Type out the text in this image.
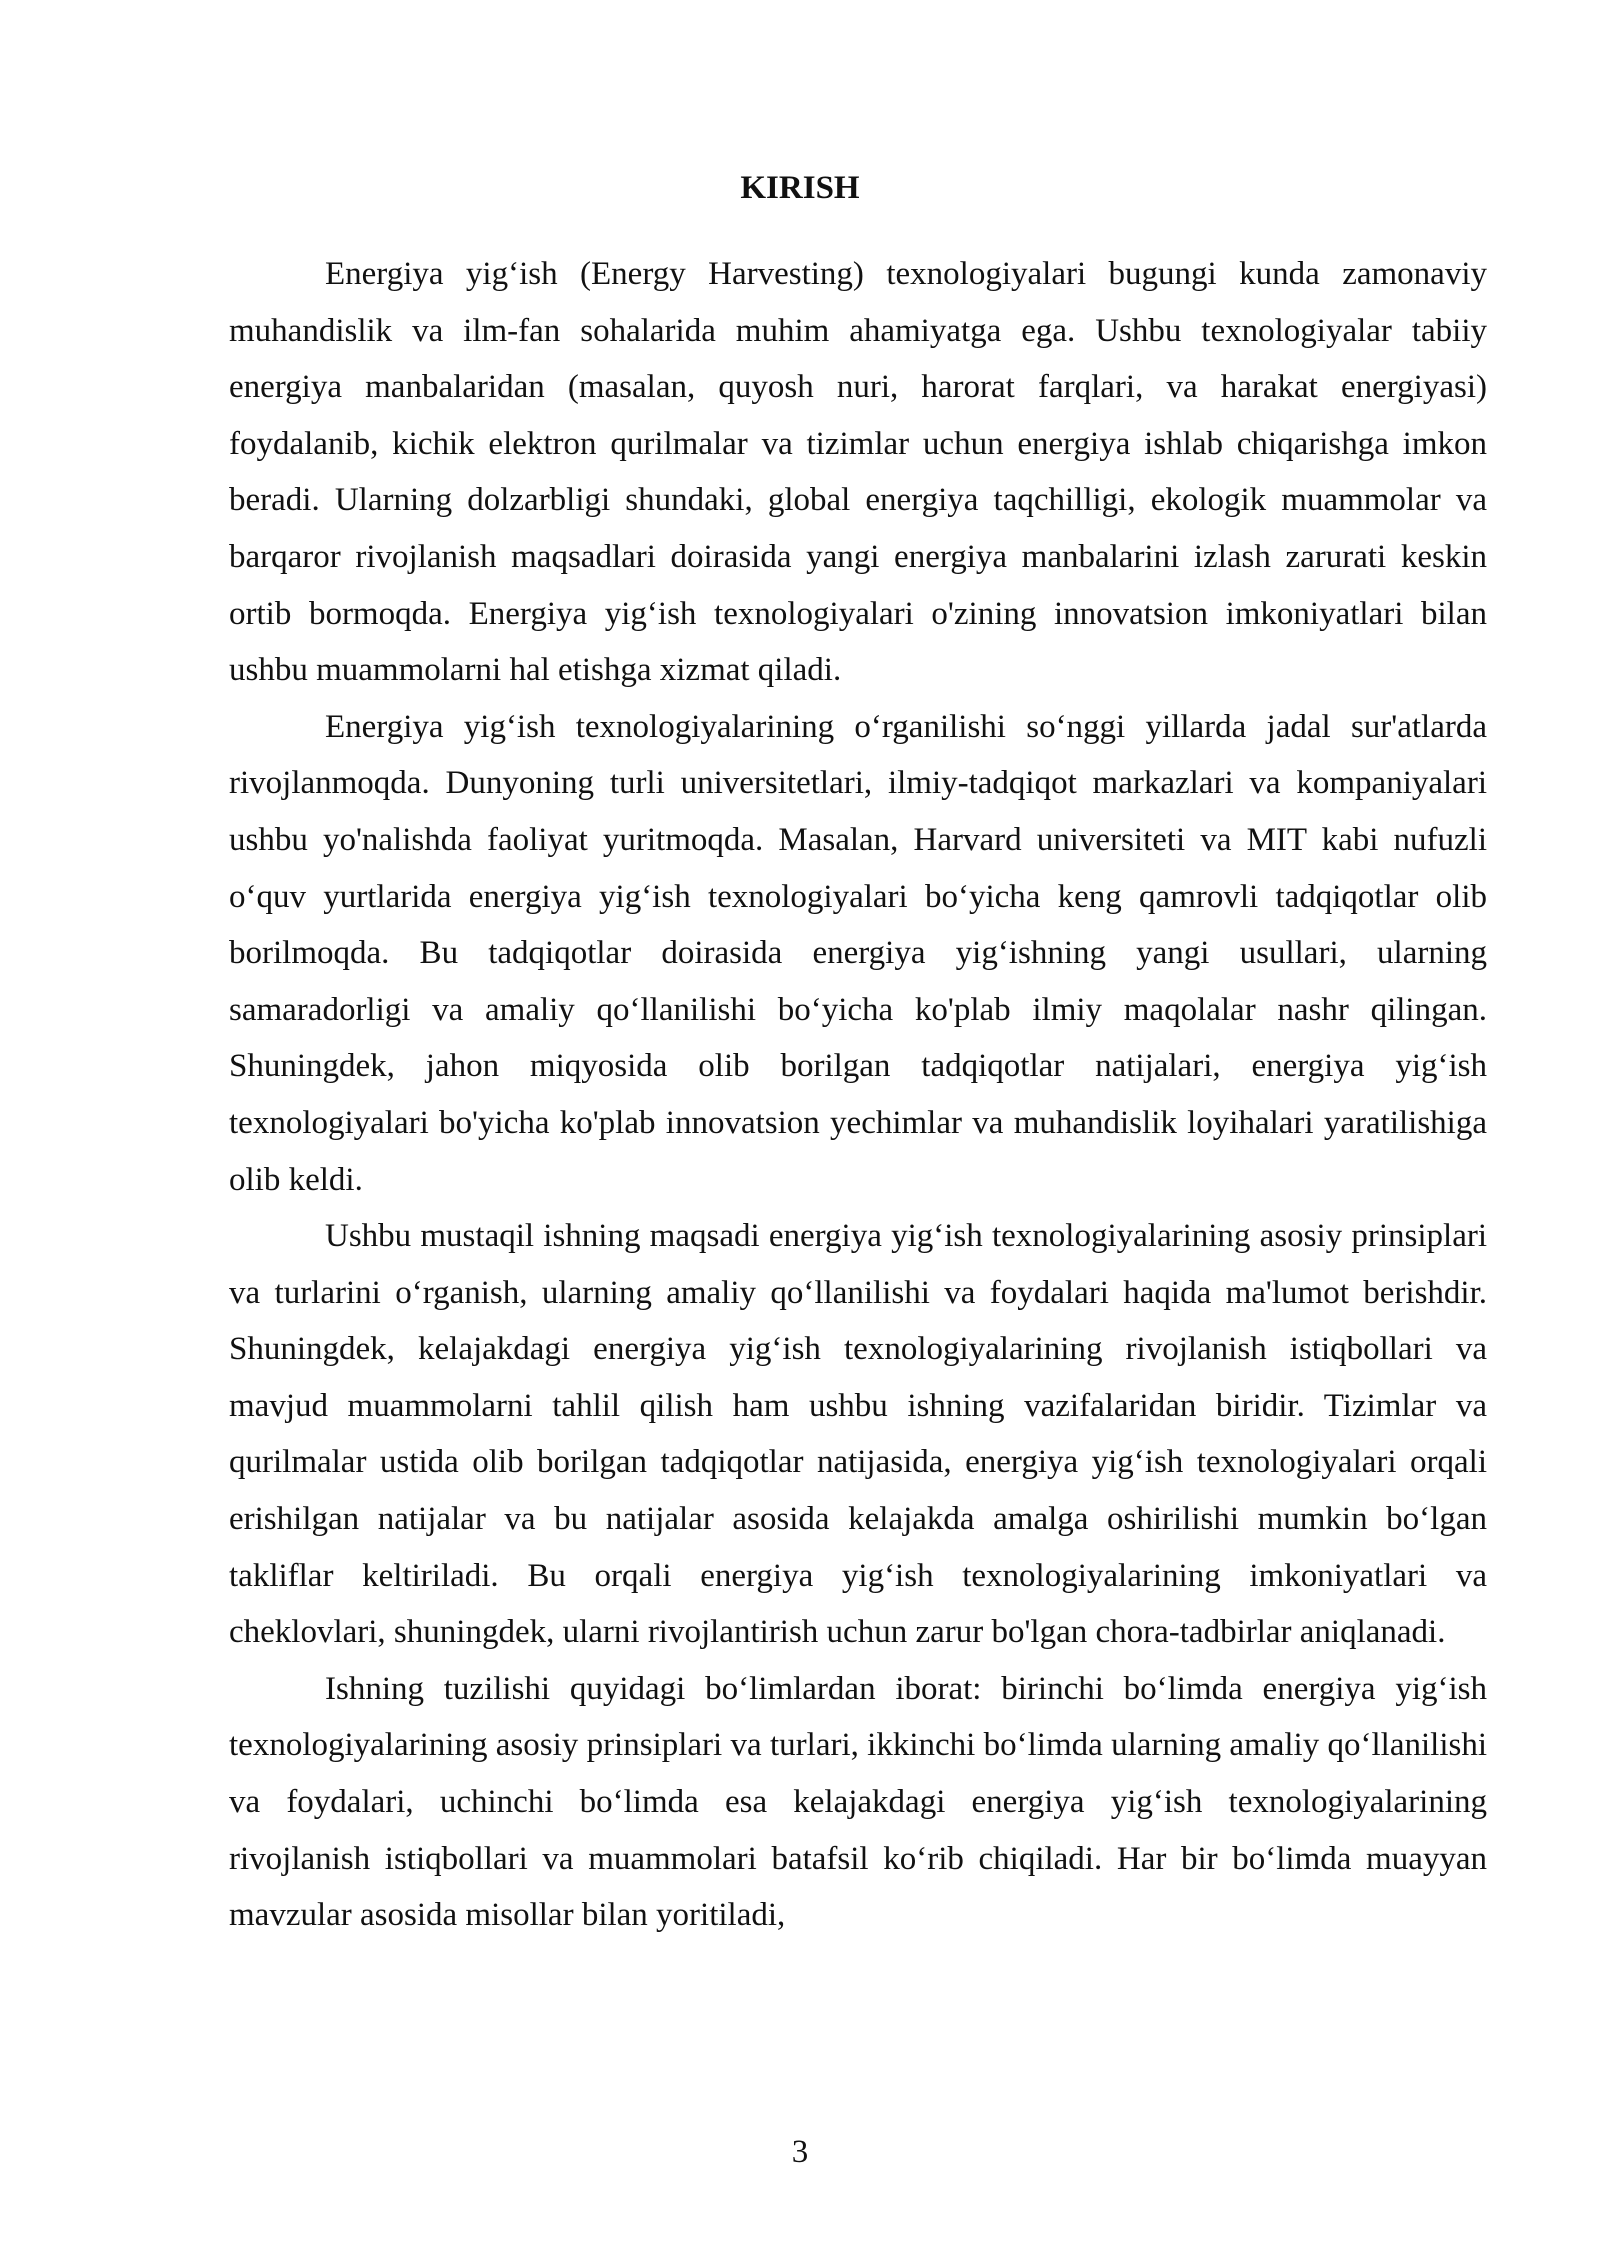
KIRISH

Energiya yig‘ish (Energy Harvesting) texnologiyalari bugungi kunda zamonaviy muhandislik va ilm-fan sohalarida muhim ahamiyatga ega. Ushbu texnologiyalar tabiiy energiya manbalaridan (masalan, quyosh nuri, harorat farqlari, va harakat energiyasi) foydalanib, kichik elektron qurilmalar va tizimlar uchun energiya ishlab chiqarishga imkon beradi. Ularning dolzarbligi shundaki, global energiya taqchilligi, ekologik muammolar va barqaror rivojlanish maqsadlari doirasida yangi energiya manbalarini izlash zarurati keskin ortib bormoqda. Energiya yig‘ish texnologiyalari o'zining innovatsion imkoniyatlari bilan ushbu muammolarni hal etishga xizmat qiladi.

Energiya yig‘ish texnologiyalarining o‘rganilishi so‘nggi yillarda jadal sur'atlarda rivojlanmoqda. Dunyoning turli universitetlari, ilmiy-tadqiqot markazlari va kompaniyalari ushbu yo'nalishda faoliyat yuritmoqda. Masalan, Harvard universiteti va MIT kabi nufuzli o‘quv yurtlarida energiya yig‘ish texnologiyalari bo‘yicha keng qamrovli tadqiqotlar olib borilmoqda. Bu tadqiqotlar doirasida energiya yig‘ishning yangi usullari, ularning samaradorligi va amaliy qo‘llanilishi bo‘yicha ko'plab ilmiy maqolalar nashr qilingan. Shuningdek, jahon miqyosida olib borilgan tadqiqotlar natijalari, energiya yig‘ish texnologiyalari bo'yicha ko'plab innovatsion yechimlar va muhandislik loyihalari yaratilishiga olib keldi.

Ushbu mustaqil ishning maqsadi energiya yig‘ish texnologiyalarining asosiy prinsiplari va turlarini o‘rganish, ularning amaliy qo‘llanilishi va foydalari haqida ma'lumot berishdir. Shuningdek, kelajakdagi energiya yig‘ish texnologiyalarining rivojlanish istiqbollari va mavjud muammolarni tahlil qilish ham ushbu ishning vazifalaridan biridir. Tizimlar va qurilmalar ustida olib borilgan tadqiqotlar natijasida, energiya yig‘ish texnologiyalari orqali erishilgan natijalar va bu natijalar asosida kelajakda amalga oshirilishi mumkin bo‘lgan takliflar keltiriladi. Bu orqali energiya yig‘ish texnologiyalarining imkoniyatlari va cheklovlari, shuningdek, ularni rivojlantirish uchun zarur bo'lgan chora-tadbirlar aniqlanadi.

Ishning tuzilishi quyidagi bo‘limlardan iborat: birinchi bo‘limda energiya yig‘ish texnologiyalarining asosiy prinsiplari va turlari, ikkinchi bo‘limda ularning amaliy qo‘llanilishi va foydalari, uchinchi bo‘limda esa kelajakdagi energiya yig‘ish texnologiyalarining rivojlanish istiqbollari va muammolari batafsil ko‘rib chiqiladi. Har bir bo‘limda muayyan mavzular asosida misollar bilan yoritiladi,

3
